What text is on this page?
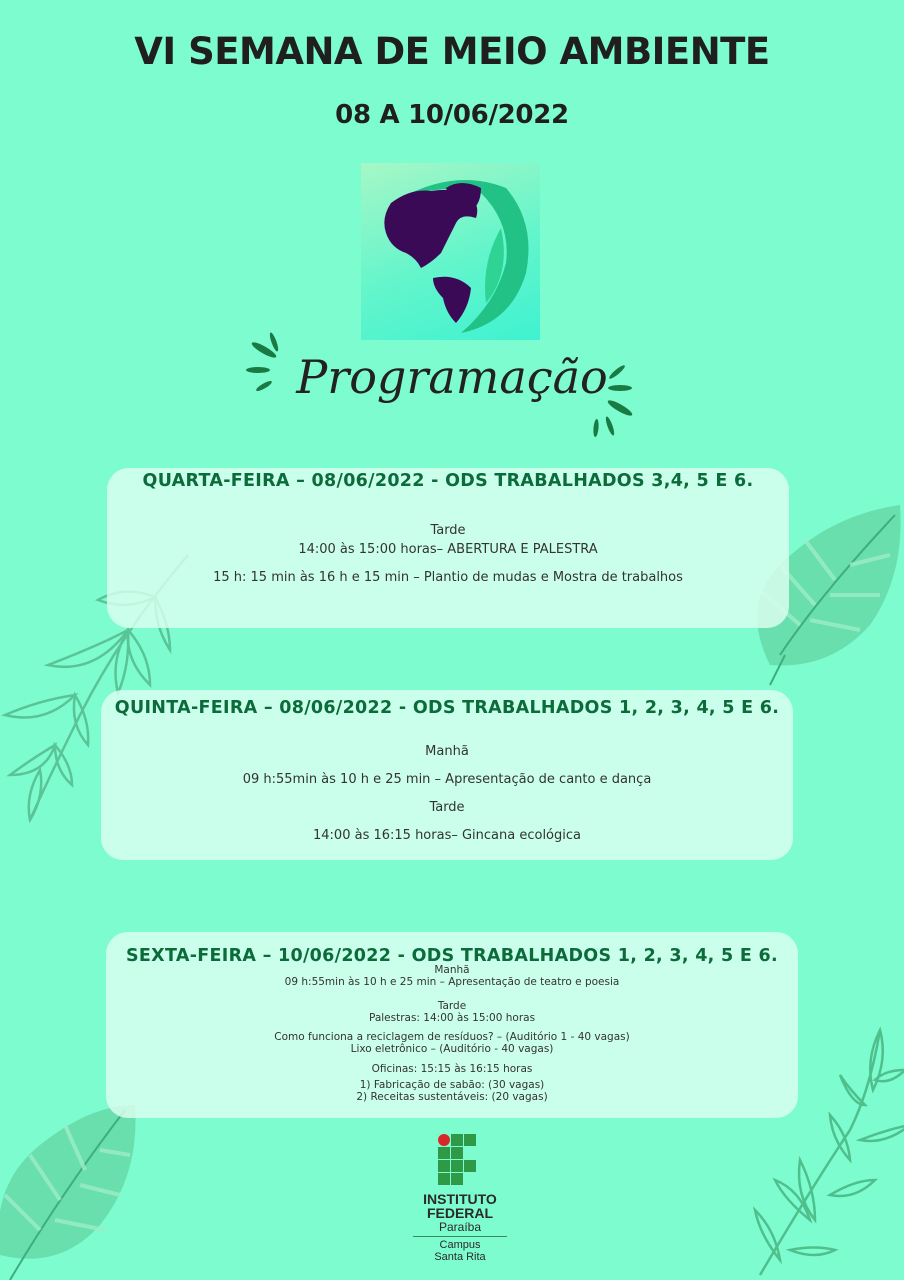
VI SEMANA DE MEIO AMBIENTE
08 A 10/06/2022
Programação
QUARTA-FEIRA – 08/06/2022 - ODS TRABALHADOS 3,4, 5 E 6.
Tarde
14:00 às 15:00 horas– ABERTURA E PALESTRA
15 h: 15 min às 16 h e 15 min – Plantio de mudas e Mostra de trabalhos
QUINTA-FEIRA – 08/06/2022 - ODS TRABALHADOS 1, 2, 3, 4, 5 E 6.
Manhã
09 h:55min às 10 h e 25 min – Apresentação de canto e dança
Tarde
14:00 às 16:15 horas– Gincana ecológica
SEXTA-FEIRA – 10/06/2022 - ODS TRABALHADOS 1, 2, 3, 4, 5 E 6.
Manhã
09 h:55min às 10 h e 25 min – Apresentação de teatro e poesia
Tarde
Palestras: 14:00 às 15:00 horas
Como funciona a reciclagem de resíduos? – (Auditório 1 - 40 vagas)
Lixo eletrônico – (Auditório - 40 vagas)
Oficinas: 15:15 às 16:15 horas
1) Fabricação de sabão: (30 vagas)
2) Receitas sustentáveis: (20 vagas)
INSTITUTO
FEDERAL
Paraíba
Campus
Santa Rita
